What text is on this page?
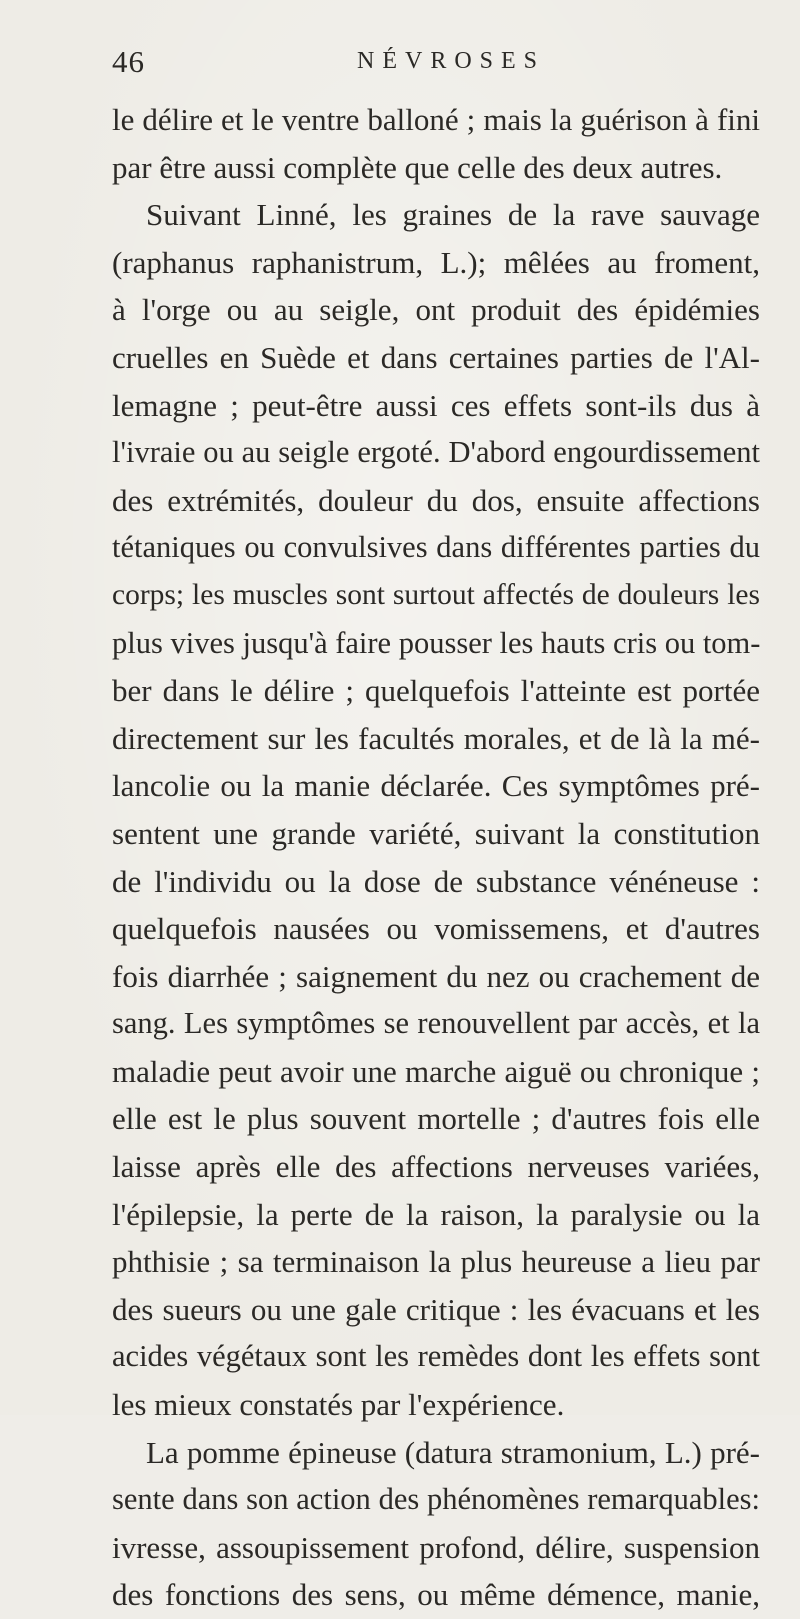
46	NÉVROSES
le délire et le ventre balloné ; mais la guérison à fini
par être aussi complète que celle des deux autres.
Suivant Linné, les graines de la rave sauvage
(raphanus raphanistrum, L.); mêlées au froment,
à l'orge ou au seigle, ont produit des épidémies
cruelles en Suède et dans certaines parties de l'Al-
lemagne ; peut-être aussi ces effets sont-ils dus à
l'ivraie ou au seigle ergoté. D'abord engourdissement
des extrémités, douleur du dos, ensuite affections
tétaniques ou convulsives dans différentes parties du
corps; les muscles sont surtout affectés de douleurs les
plus vives jusqu'à faire pousser les hauts cris ou tom-
ber dans le délire ; quelquefois l'atteinte est portée
directement sur les facultés morales, et de là la mé-
lancolie ou la manie déclarée. Ces symptômes pré-
sentent une grande variété, suivant la constitution
de l'individu ou la dose de substance vénéneuse :
quelquefois nausées ou vomissemens, et d'autres
fois diarrhée ; saignement du nez ou crachement de
sang. Les symptômes se renouvellent par accès, et la
maladie peut avoir une marche aiguë ou chronique ;
elle est le plus souvent mortelle ; d'autres fois elle
laisse après elle des affections nerveuses variées,
l'épilepsie, la perte de la raison, la paralysie ou la
phthisie ; sa terminaison la plus heureuse a lieu par
des sueurs ou une gale critique : les évacuans et les
acides végétaux sont les remèdes dont les effets sont
les mieux constatés par l'expérience.
La pomme épineuse (datura stramonium, L.) pré-
sente dans son action des phénomènes remarquables:
ivresse, assoupissement profond, délire, suspension
des fonctions des sens, ou même démence, manie,
